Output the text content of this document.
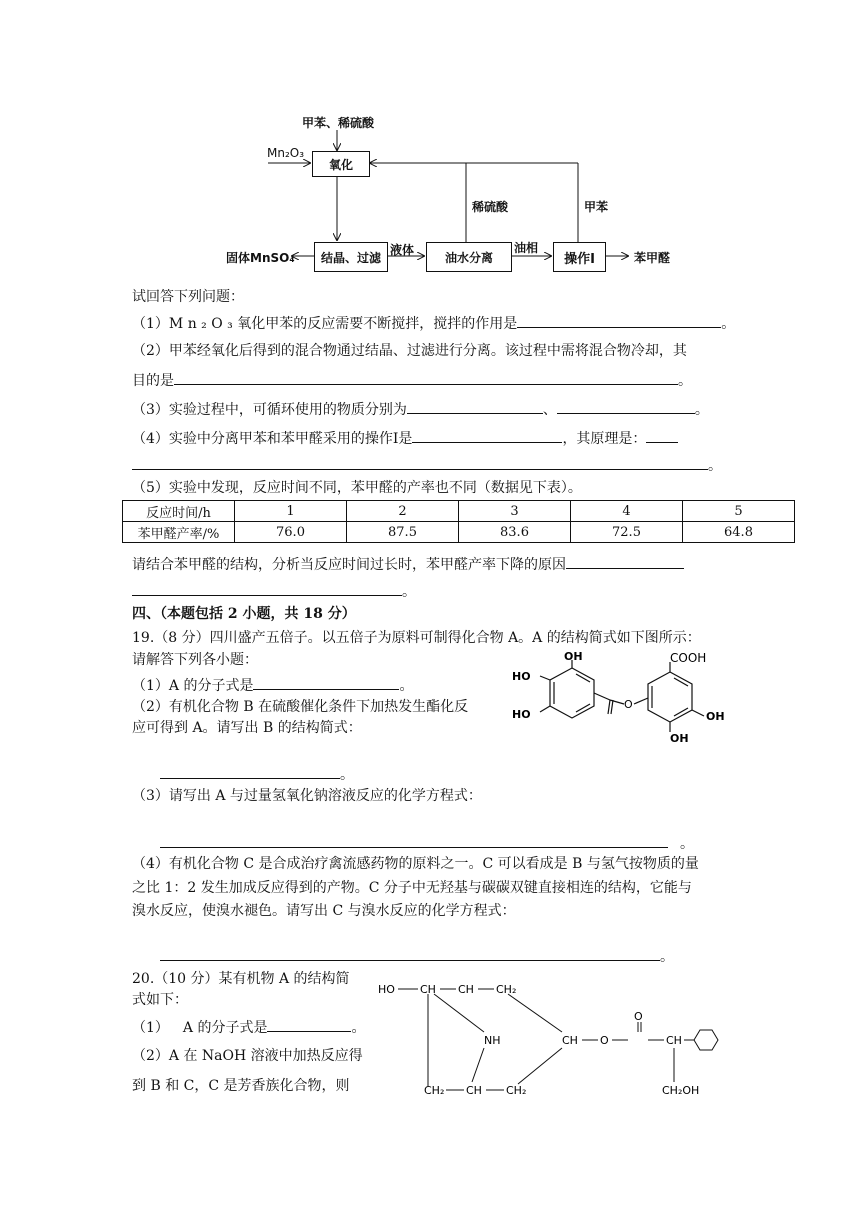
甲苯、稀硫酸
Mn₂O₃
氧化
稀硫酸	甲苯
固体MnSO₄	结晶、过滤
液体
油水分离
油相
操作Ⅰ	苯甲醛
试回答下列问题：
（1）M n ₂ O ₃ 氧化甲苯的反应需要不断搅拌，搅拌的作用是	。
（2）甲苯经氧化后得到的混合物通过结晶、过滤进行分离。该过程中需将混合物冷却，其
目的是	。
（3）实验过程中，可循环使用的物质分别为	、	。
（4）实验中分离甲苯和苯甲醛采用的操作Ⅰ是	，其原理是：
。
（5）实验中发现，反应时间不同，苯甲醛的产率也不同（数据见下表）。
反应时间/h	1	2	3	4	5
苯甲醛产率/%	76.0	87.5	83.6	72.5	64.8
请结合苯甲醛的结构，分析当反应时间过长时，苯甲醛产率下降的原因
。
四、（本题包括 2 小题，共 18 分）
19.（8 分）四川盛产五倍子。以五倍子为原料可制得化合物 A。A 的结构简式如下图所示：
请解答下列各小题：
（1）A 的分子式是	。
（2）有机化合物 B 在硫酸催化条件下加热发生酯化反
应可得到 A。请写出 B 的结构简式：
。
（3）请写出 A 与过量氢氧化钠溶液反应的化学方程式：
。
（4）有机化合物 C 是合成治疗禽流感药物的原料之一。C 可以看成是 B 与氢气按物质的量
之比 1：2 发生加成反应得到的产物。C 分子中无羟基与碳碳双键直接相连的结构，它能与
溴水反应，使溴水褪色。请写出 C 与溴水反应的化学方程式：
。
OH
HO
HO
O
COOH
OH
OH
20.（10 分）某有机物 A 的结构简
式如下：
（1） A 的分子式是	。
（2）A 在 NaOH 溶液中加热反应得
到 B 和 C，C 是芳香族化合物，则
HO CH CH CH₂
NH	CH O
O
CH
CH₂ CH CH₂	CH₂OH
